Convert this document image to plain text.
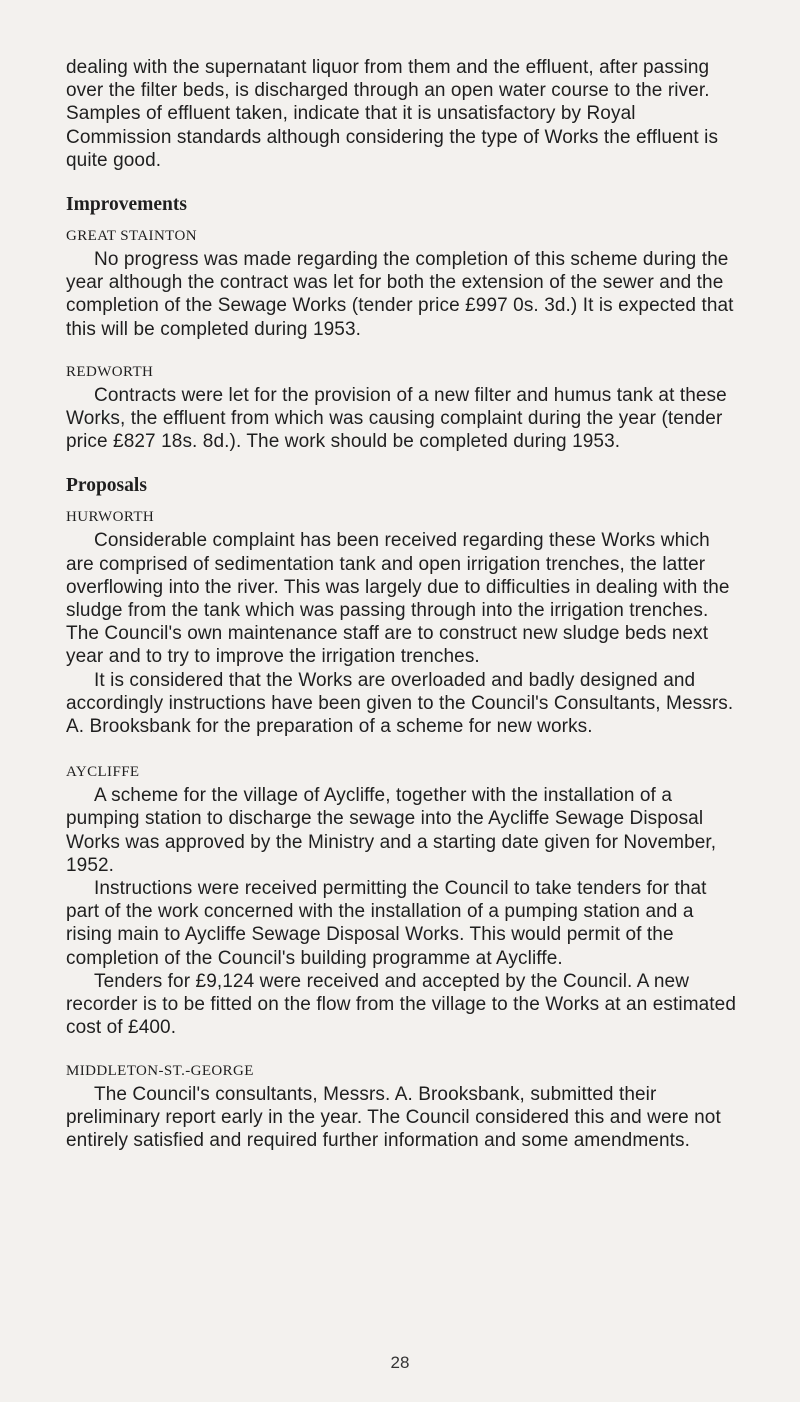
dealing with the supernatant liquor from them and the effluent, after passing over the filter beds, is discharged through an open water course to the river. Samples of effluent taken, indicate that it is unsatisfactory by Royal Commission standards although considering the type of Works the effluent is quite good.

Improvements
GREAT STAINTON

No progress was made regarding the completion of this scheme during the year although the contract was let for both the extension of the sewer and the completion of the Sewage Works (tender price £997 0s. 3d.) It is expected that this will be completed during 1953.

REDWORTH

Contracts were let for the provision of a new filter and humus tank at these Works, the effluent from which was causing complaint during the year (tender price £827 18s. 8d.). The work should be completed during 1953.

Proposals
HURWORTH

Considerable complaint has been received regarding these Works which are comprised of sedimentation tank and open irrigation trenches, the latter overflowing into the river. This was largely due to difficulties in dealing with the sludge from the tank which was passing through into the irrigation trenches. The Council's own maintenance staff are to construct new sludge beds next year and to try to improve the irrigation trenches.

It is considered that the Works are overloaded and badly designed and accordingly instructions have been given to the Council's Consultants, Messrs. A. Brooksbank for the preparation of a scheme for new works.

AYCLIFFE

A scheme for the village of Aycliffe, together with the installation of a pumping station to discharge the sewage into the Aycliffe Sewage Disposal Works was approved by the Ministry and a starting date given for November, 1952.

Instructions were received permitting the Council to take tenders for that part of the work concerned with the installation of a pumping station and a rising main to Aycliffe Sewage Disposal Works. This would permit of the completion of the Council's building programme at Aycliffe.

Tenders for £9,124 were received and accepted by the Council. A new recorder is to be fitted on the flow from the village to the Works at an estimated cost of £400.

MIDDLETON-ST.-GEORGE

The Council's consultants, Messrs. A. Brooksbank, submitted their preliminary report early in the year. The Council considered this and were not entirely satisfied and required further information and some amendments.

28
